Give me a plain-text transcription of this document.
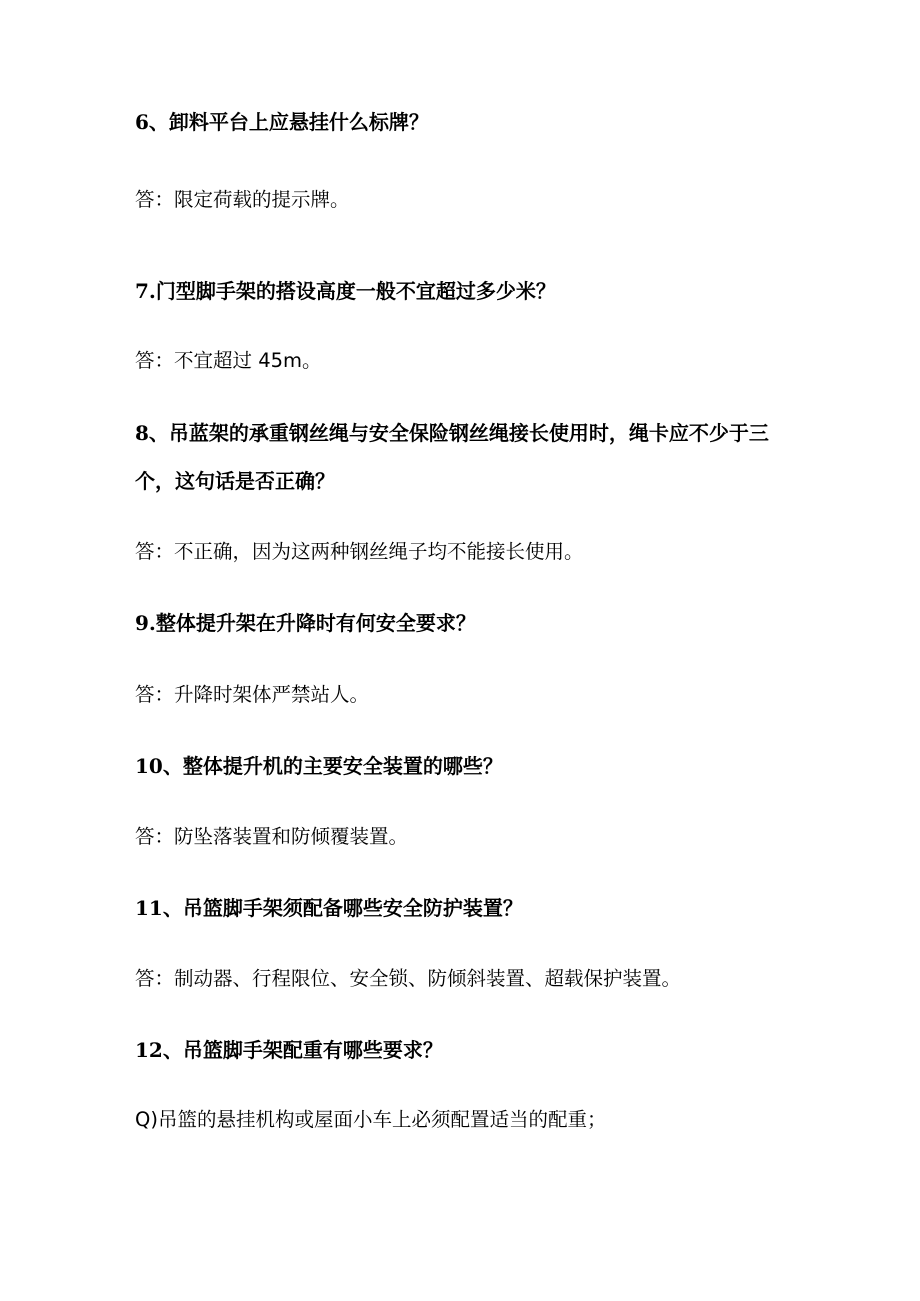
6、卸料平台上应悬挂什么标牌？
答：限定荷载的提示牌。
7.门型脚手架的搭设高度一般不宜超过多少米？
答：不宜超过 45m。
8、吊蓝架的承重钢丝绳与安全保险钢丝绳接长使用时，绳卡应不少于三
个，这句话是否正确？
答：不正确，因为这两种钢丝绳子均不能接长使用。
9.整体提升架在升降时有何安全要求？
答：升降时架体严禁站人。
10、整体提升机的主要安全装置的哪些？
答：防坠落装置和防倾覆装置。
11、吊篮脚手架须配备哪些安全防护装置？
答：制动器、行程限位、安全锁、防倾斜装置、超载保护装置。
12、吊篮脚手架配重有哪些要求？
Q)吊篮的悬挂机构或屋面小车上必须配置适当的配重；
